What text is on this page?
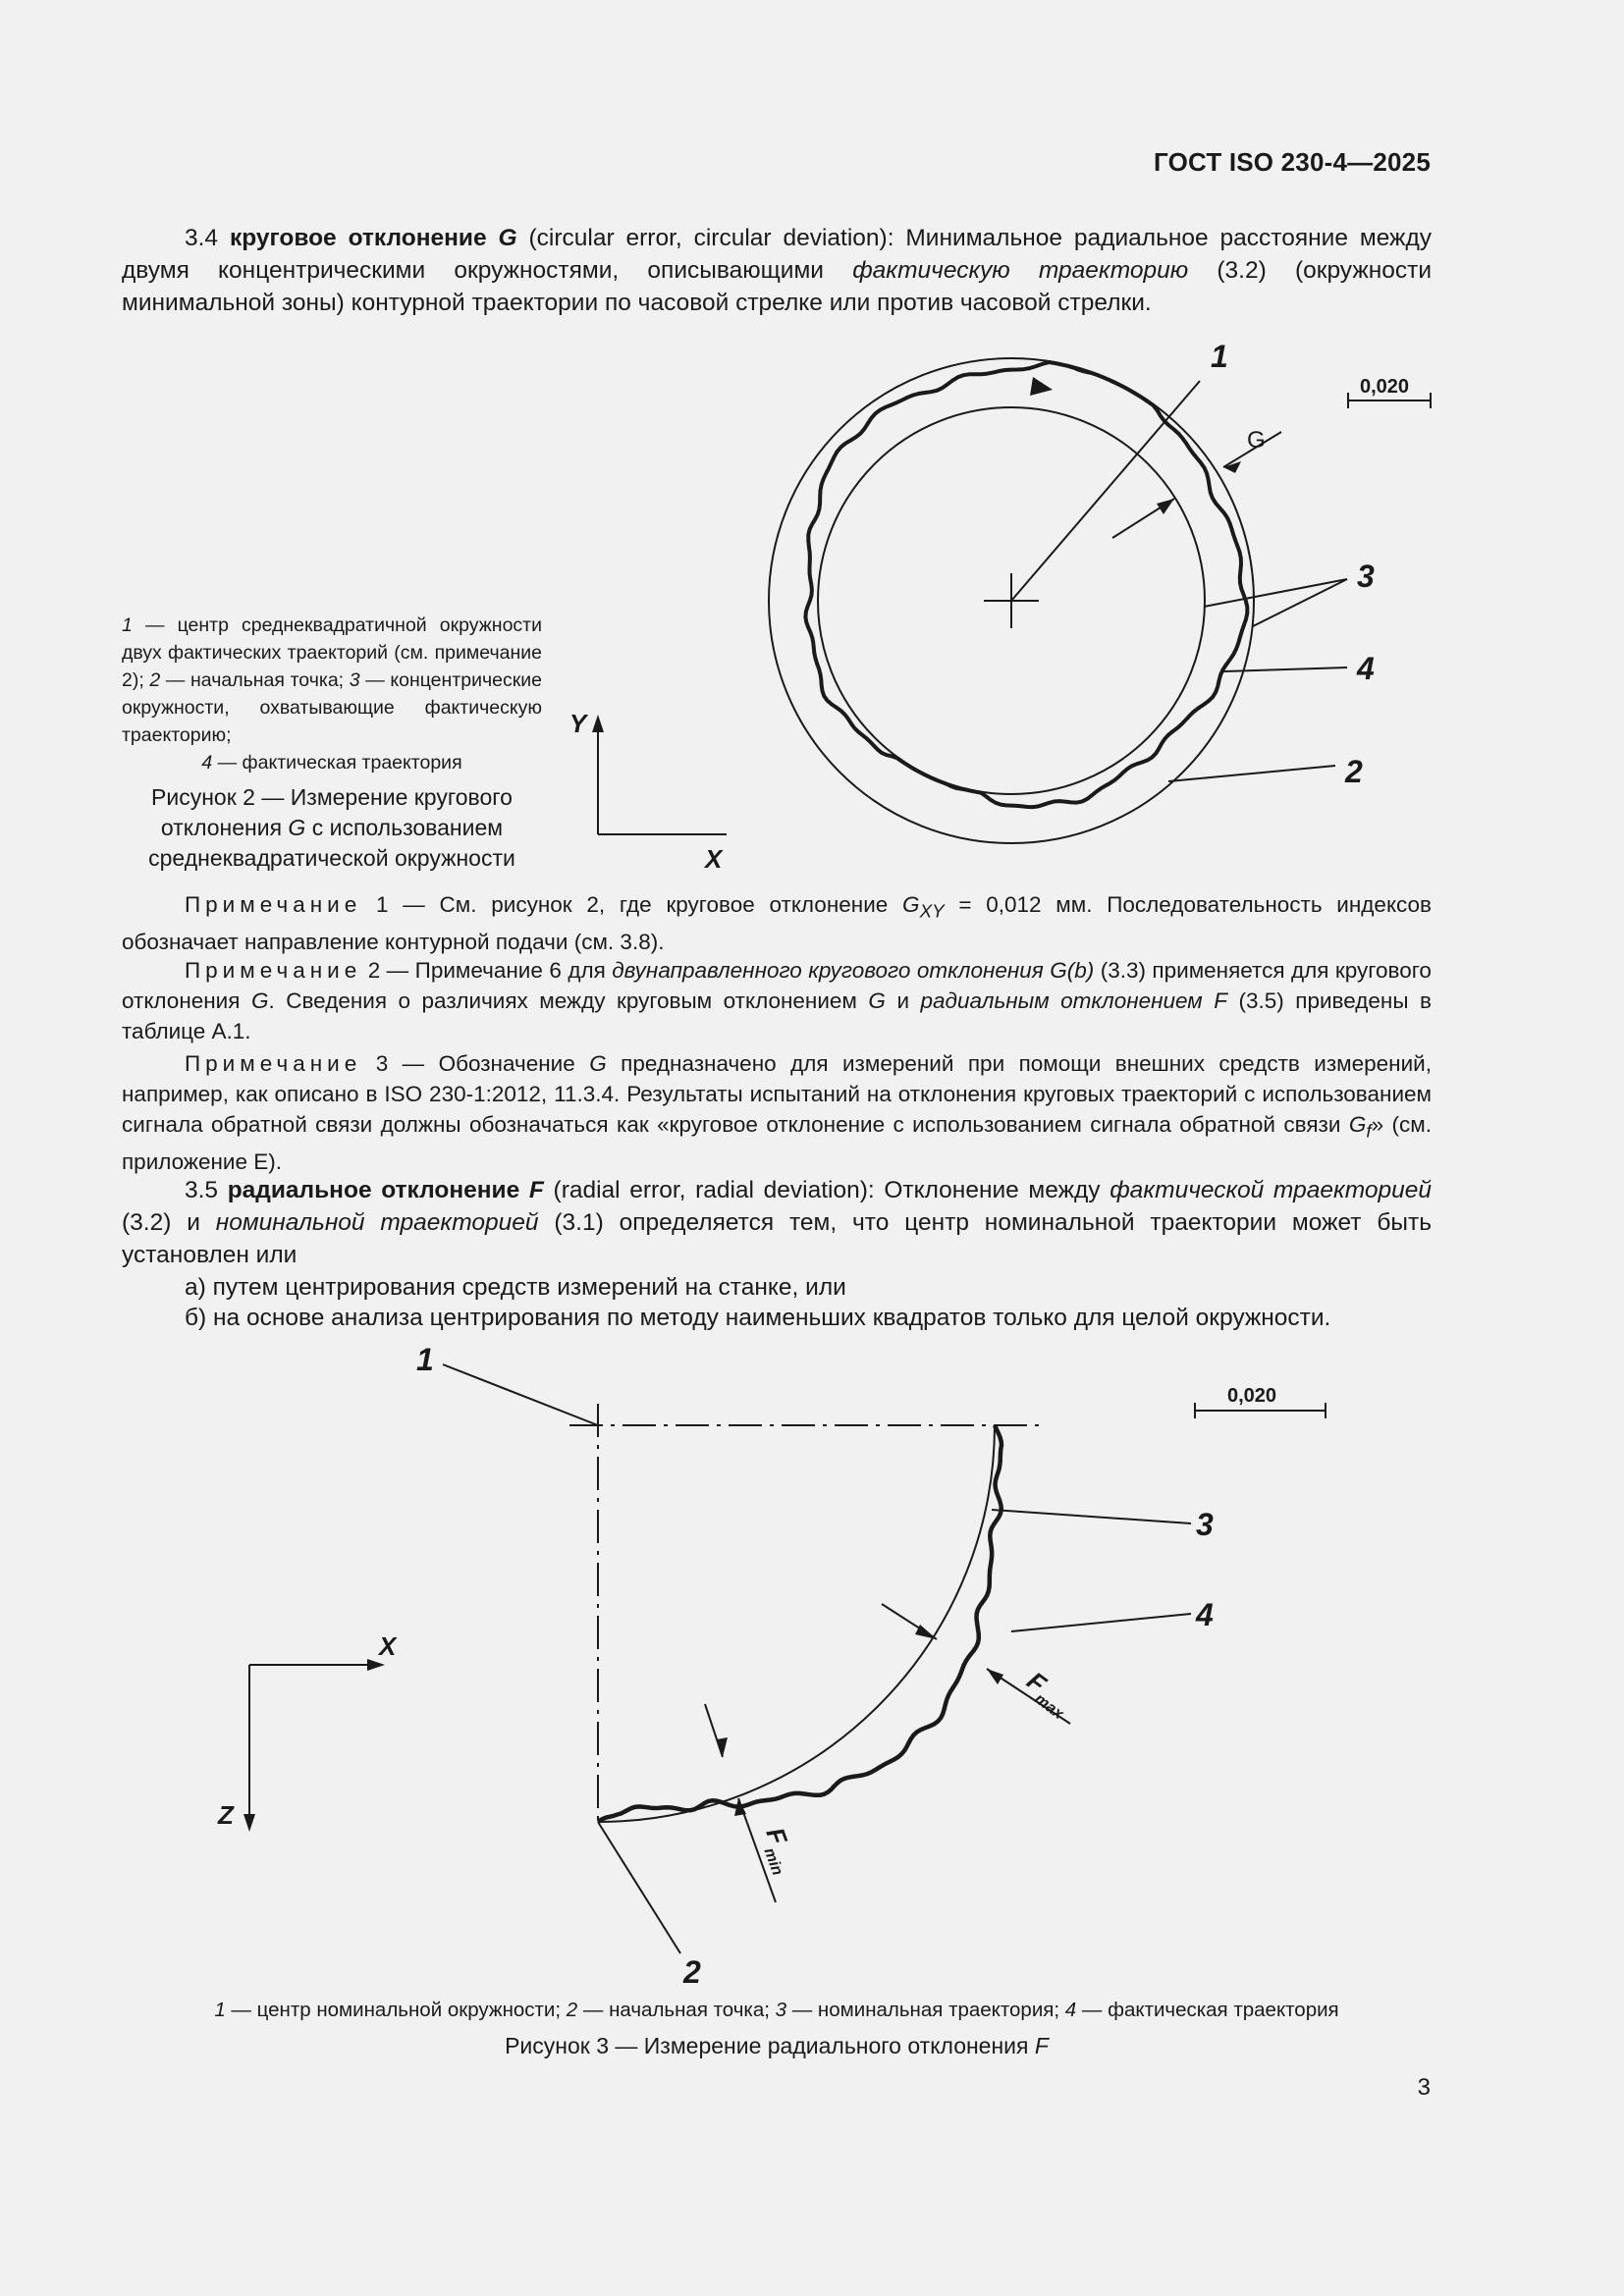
ГОСТ ISO 230-4—2025
3.4 круговое отклонение G (circular error, circular deviation): Минимальное радиальное расстояние между двумя концентрическими окружностями, описывающими фактическую траекторию (3.2) (окружности минимальной зоны) контурной траектории по часовой стрелке или против часовой стрелки.
1 — центр среднеквадратичной окружности двух фактических траекторий (см. примечание 2); 2 — начальная точка; 3 — концентрические окружности, охватывающие фактическую траекторию;
4 — фактическая траектория
Рисунок 2 — Измерение кругового отклонения G с использованием среднеквадратической окружности
Примечание 1 — См. рисунок 2, где круговое отклонение $G_{XY} = 0,012$ мм. Последовательность индексов обозначает направление контурной подачи (см. 3.8).
Примечание 2 — Примечание 6 для двунаправленного кругового отклонения G(b) (3.3) применяется для кругового отклонения G. Сведения о различиях между круговым отклонением G и радиальным отклонением F (3.5) приведены в таблице А.1.
Примечание 3 — Обозначение G предназначено для измерений при помощи внешних средств измерений, например, как описано в ISO 230-1:2012, 11.3.4. Результаты испытаний на отклонения круговых траекторий с использованием сигнала обратной связи должны обозначаться как «круговое отклонение с использованием сигнала обратной связи $G_f$» (см. приложение E).
3.5 радиальное отклонение F (radial error, radial deviation): Отклонение между фактической траекторией (3.2) и номинальной траекторией (3.1) определяется тем, что центр номинальной траектории может быть установлен или
а) путем центрирования средств измерений на станке, или
б) на основе анализа центрирования по методу наименьших квадратов только для целой окружности.
1 — центр номинальной окружности; 2 — начальная точка; 3 — номинальная траектория; 4 — фактическая траектория
Рисунок 3 — Измерение радиального отклонения F
3
1
G
3
4
2
0,020
Y
X
1
2
3
4
0,020
X
Z
F
max
F
min
